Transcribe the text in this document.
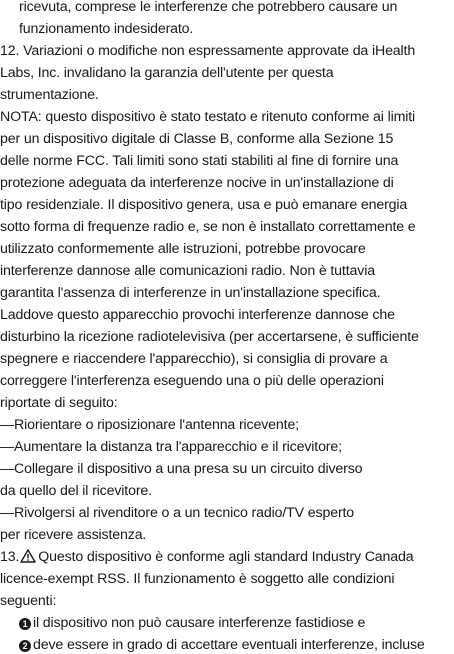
ricevuta, comprese le interferenze che potrebbero causare un
funzionamento indesiderato.
12. Variazioni o modifiche non espressamente approvate da iHealth
Labs, Inc. invalidano la garanzia dell'utente per questa
strumentazione.
NOTA: questo dispositivo è stato testato e ritenuto conforme ai limiti
per un dispositivo digitale di Classe B, conforme alla Sezione 15
delle norme FCC. Tali limiti sono stati stabiliti al fine di fornire una
protezione adeguata da interferenze nocive in un'installazione di
tipo residenziale. Il dispositivo genera, usa e può emanare energia
sotto forma di frequenze radio e, se non è installato correttamente e
utilizzato conformemente alle istruzioni, potrebbe provocare
interferenze dannose alle comunicazioni radio. Non è tuttavia
garantita l'assenza di interferenze in un'installazione specifica.
Laddove questo apparecchio provochi interferenze dannose che
disturbino la ricezione radiotelevisiva (per accertarsene, è sufficiente
spegnere e riaccendere l'apparecchio), si consiglia di provare a
correggere l'interferenza eseguendo una o più delle operazioni
riportate di seguito:
—Riorientare o riposizionare l'antenna ricevente;
—Aumentare la distanza tra l'apparecchio e il ricevitore;
—Collegare il dispositivo a una presa su un circuito diverso
da quello del il ricevitore.
—Rivolgersi al rivenditore o a un tecnico radio/TV esperto
per ricevere assistenza.
13. Questo dispositivo è conforme agli standard Industry Canada
licence-exempt RSS. Il funzionamento è soggetto alle condizioni
seguenti:
1 il dispositivo non può causare interferenze fastidiose e
2 deve essere in grado di accettare eventuali interferenze, incluse
